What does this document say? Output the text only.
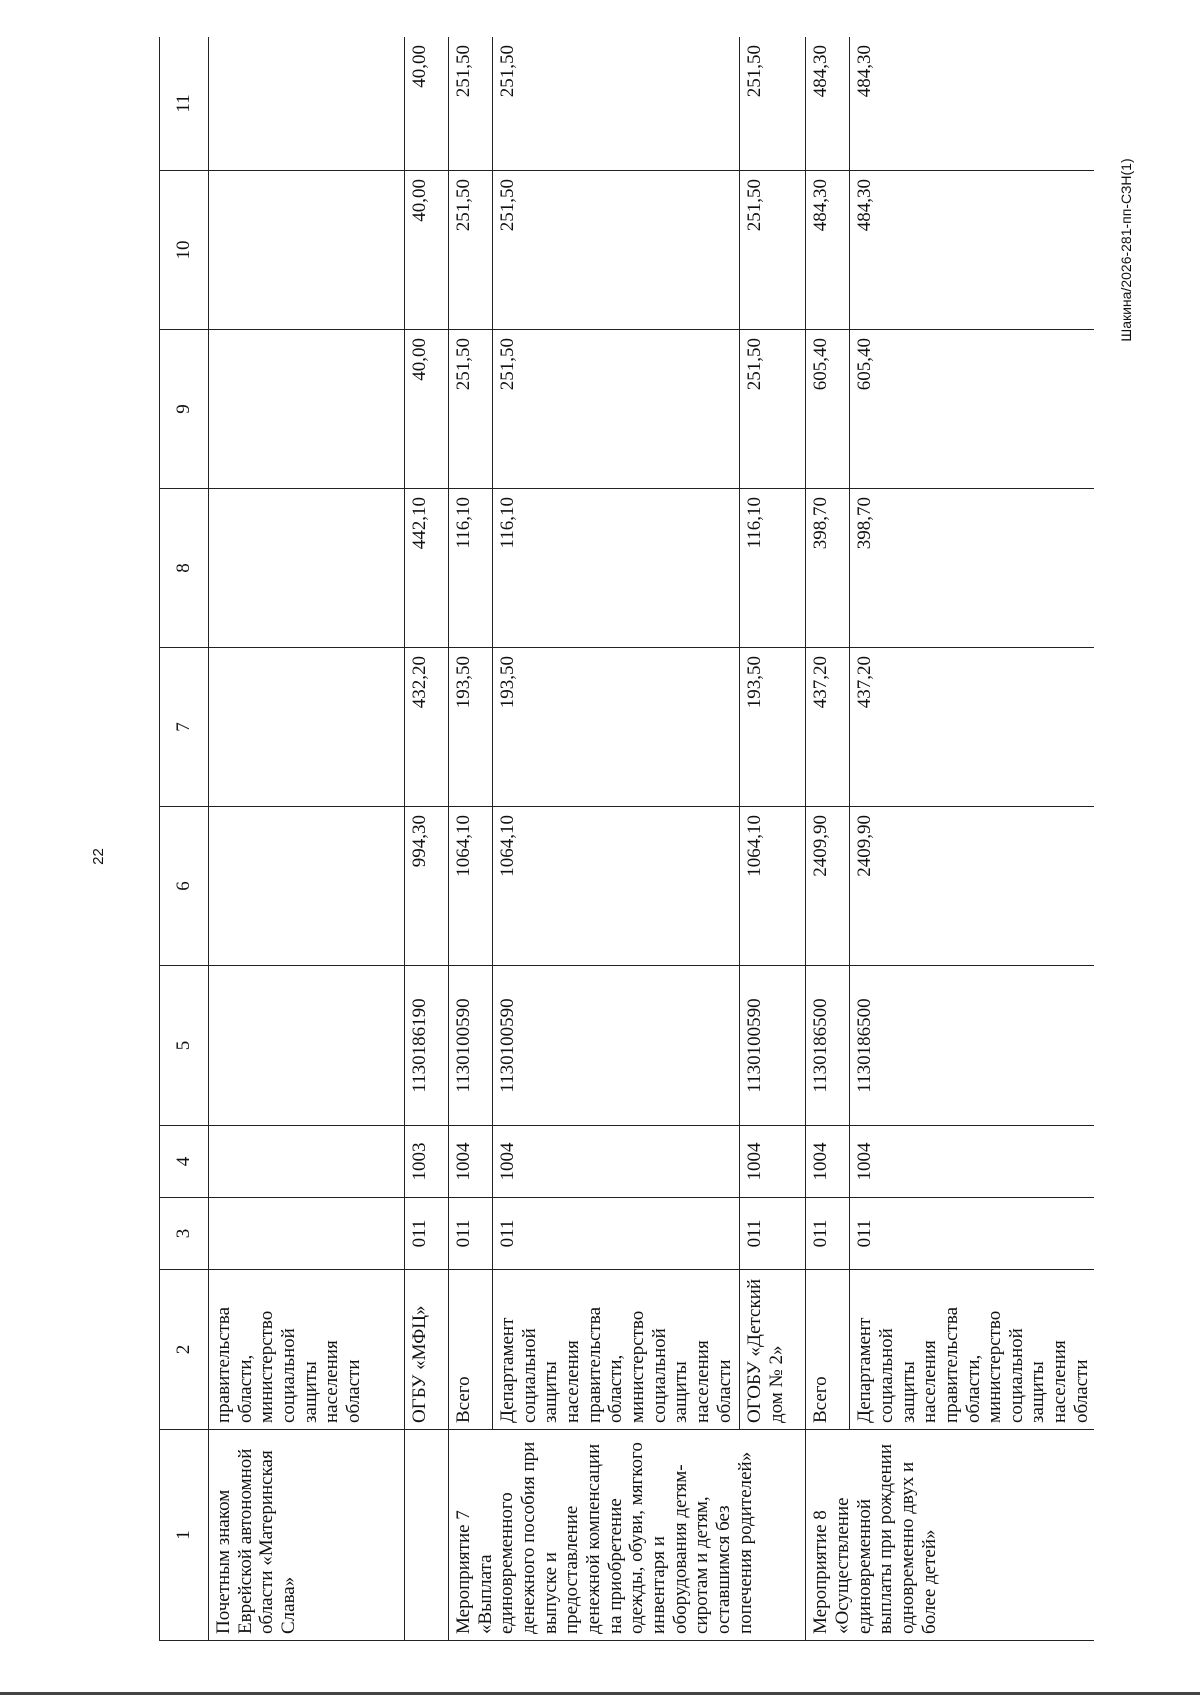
22
Шакина/2026-281-пп-СЗН(1)
1	2	3	4	5	6	7	8	9	10	11
Почетным знаком Еврейской автономной области «Материнская Слава»	правительства области, министерство социальной защиты населения области									
	ОГБУ «МФЦ»	011	1003	1130186190	994,30	432,20	442,10	40,00	40,00	40,00
Мероприятие 7 «Выплата единовременного денежного пособия при выпуске и предоставление денежной компенсации на приобретение одежды, обуви, мягкого инвентаря и оборудования детям-сиротам и детям, оставшимся без попечения родителей»	Всего	011	1004	1130100590	1064,10	193,50	116,10	251,50	251,50	251,50
	Департамент социальной защиты населения правительства области, министерство социальной защиты населения области	011	1004	1130100590	1064,10	193,50	116,10	251,50	251,50	251,50
	ОГОБУ «Детский дом № 2»	011	1004	1130100590	1064,10	193,50	116,10	251,50	251,50	251,50
Мероприятие 8 «Осуществление единовременной выплаты при рождении одновременно двух и более детей»	Всего	011	1004	1130186500	2409,90	437,20	398,70	605,40	484,30	484,30
	Департамент социальной защиты населения правительства области, министерство социальной защиты населения области	011	1004	1130186500	2409,90	437,20	398,70	605,40	484,30	484,30
